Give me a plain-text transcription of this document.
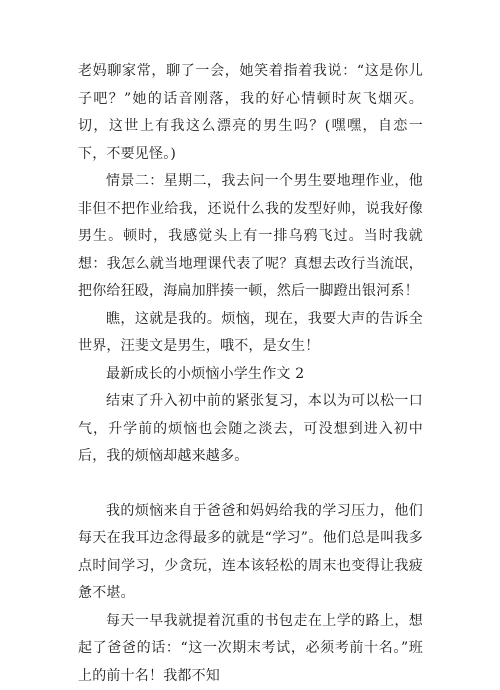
老妈聊家常，聊了一会，她笑着指着我说：“这是你儿子吧？”她的话音刚落，我的好心情顿时灰飞烟灭。切，这世上有我这么漂亮的男生吗？(嘿嘿，自恋一下，不要见怪。)

情景二：星期二，我去问一个男生要地理作业，他非但不把作业给我，还说什么我的发型好帅，说我好像男生。顿时，我感觉头上有一排乌鸦飞过。当时我就想：我怎么就当地理课代表了呢？真想去改行当流氓，把你给狂殴，海扁加胖揍一顿，然后一脚蹬出银河系！

瞧，这就是我的。烦恼，现在，我要大声的告诉全世界，汪斐文是男生，哦不，是女生！

最新成长的小烦恼小学生作文 2

结束了升入初中前的紧张复习，本以为可以松一口气，升学前的烦恼也会随之淡去，可没想到进入初中后，我的烦恼却越来越多。

我的烦恼来自于爸爸和妈妈给我的学习压力，他们每天在我耳边念得最多的就是“学习”。他们总是叫我多点时间学习，少贪玩，连本该轻松的周末也变得让我疲惫不堪。

每天一早我就提着沉重的书包走在上学的路上，想起了爸爸的话：“这一次期末考试，必须考前十名。”班上的前十名！我都不知
